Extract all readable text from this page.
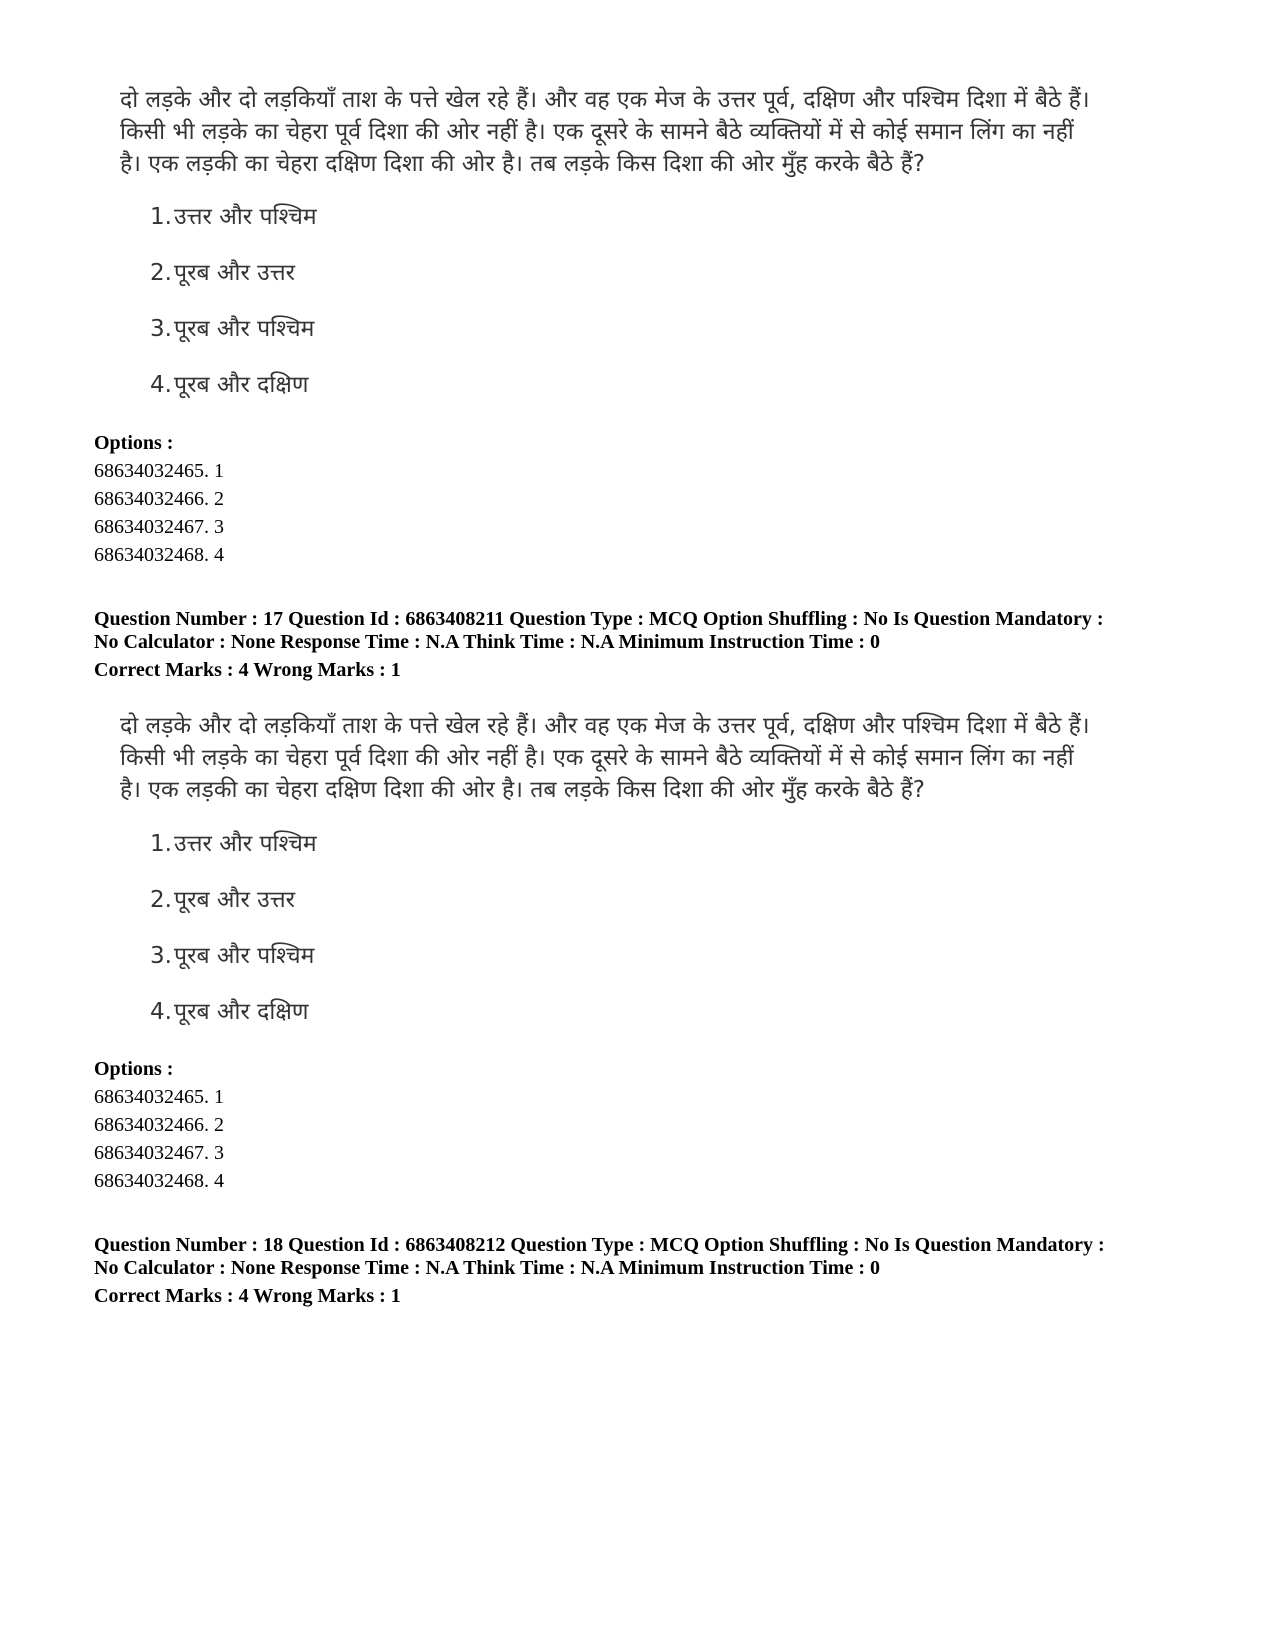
दो लड़के और दो लड़कियाँ ताश के पत्ते खेल रहे हैं। और वह एक मेज के उत्तर पूर्व, दक्षिण और पश्चिम दिशा में बैठे हैं।
किसी भी लड़के का चेहरा पूर्व दिशा की ओर नहीं है। एक दूसरे के सामने बैठे व्यक्तियों में से कोई समान लिंग का नहीं
है। एक लड़की का चेहरा दक्षिण दिशा की ओर है। तब लड़के किस दिशा की ओर मुँह करके बैठे हैं?
1.उत्तर और पश्चिम
2.पूरब और उत्तर
3.पूरब और पश्चिम
4.पूरब और दक्षिण
Options :
68634032465. 1
68634032466. 2
68634032467. 3
68634032468. 4
Question Number : 17 Question Id : 6863408211 Question Type : MCQ Option Shuffling : No Is Question Mandatory :
No Calculator : None Response Time : N.A Think Time : N.A Minimum Instruction Time : 0
Correct Marks : 4 Wrong Marks : 1
दो लड़के और दो लड़कियाँ ताश के पत्ते खेल रहे हैं। और वह एक मेज के उत्तर पूर्व, दक्षिण और पश्चिम दिशा में बैठे हैं।
किसी भी लड़के का चेहरा पूर्व दिशा की ओर नहीं है। एक दूसरे के सामने बैठे व्यक्तियों में से कोई समान लिंग का नहीं
है। एक लड़की का चेहरा दक्षिण दिशा की ओर है। तब लड़के किस दिशा की ओर मुँह करके बैठे हैं?
1.उत्तर और पश्चिम
2.पूरब और उत्तर
3.पूरब और पश्चिम
4.पूरब और दक्षिण
Options :
68634032465. 1
68634032466. 2
68634032467. 3
68634032468. 4
Question Number : 18 Question Id : 6863408212 Question Type : MCQ Option Shuffling : No Is Question Mandatory :
No Calculator : None Response Time : N.A Think Time : N.A Minimum Instruction Time : 0
Correct Marks : 4 Wrong Marks : 1
